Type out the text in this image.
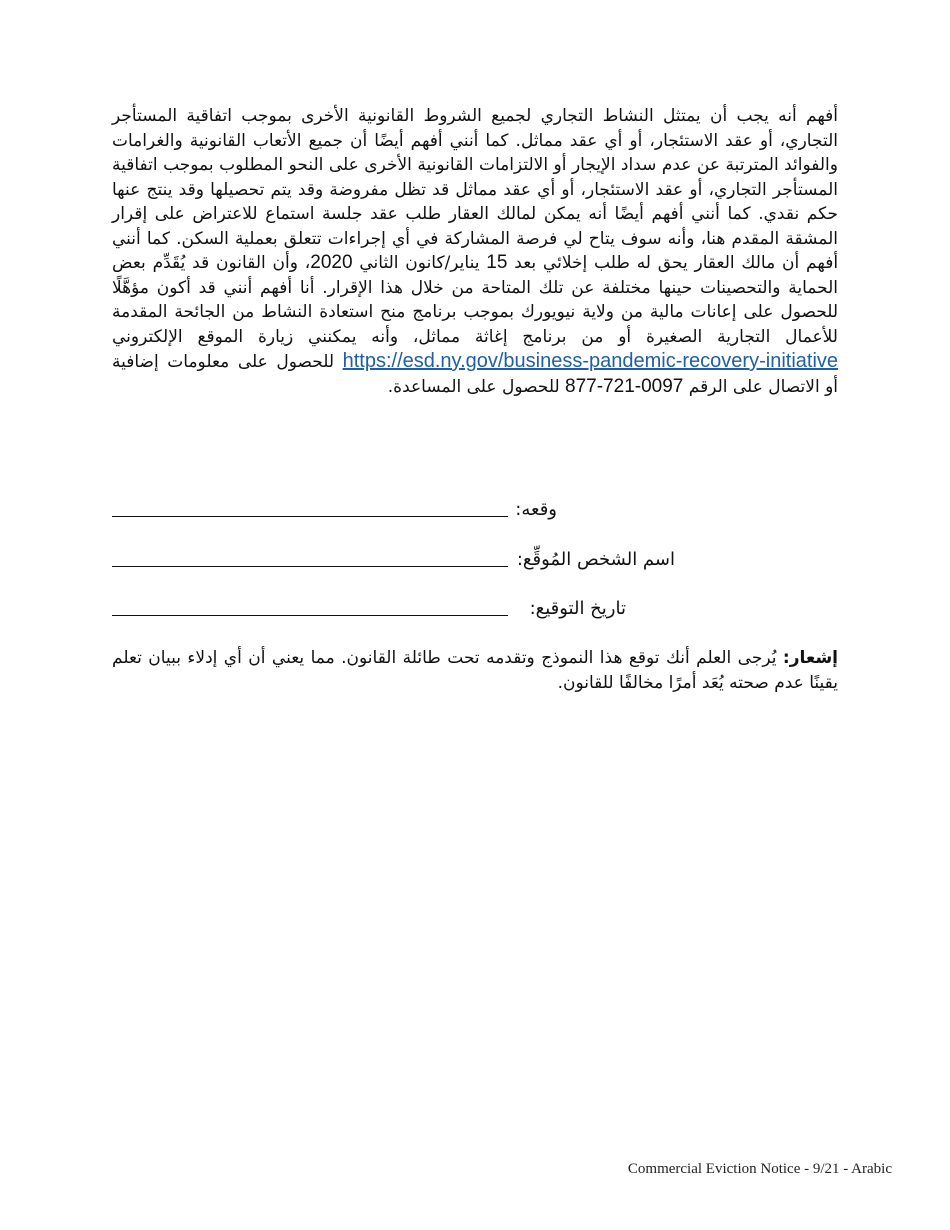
أفهم أنه يجب أن يمتثل النشاط التجاري لجميع الشروط القانونية الأخرى بموجب اتفاقية المستأجر التجاري، أو عقد الاستئجار، أو أي عقد مماثل. كما أنني أفهم أيضًا أن جميع الأتعاب القانونية والغرامات والفوائد المترتبة عن عدم سداد الإيجار أو الالتزامات القانونية الأخرى على النحو المطلوب بموجب اتفاقية المستأجر التجاري، أو عقد الاستئجار، أو أي عقد مماثل قد تظل مفروضة وقد يتم تحصيلها وقد ينتج عنها حكم نقدي. كما أنني أفهم أيضًا أنه يمكن لمالك العقار طلب عقد جلسة استماع للاعتراض على إقرار المشقة المقدم هنا، وأنه سوف يتاح لي فرصة المشاركة في أي إجراءات تتعلق بعملية السكن. كما أنني أفهم أن مالك العقار يحق له طلب إخلائي بعد 15 يناير/كانون الثاني 2020، وأن القانون قد يُقَدِّم بعض الحماية والتحصينات حينها مختلفة عن تلك المتاحة من خلال هذا الإقرار. أنا أفهم أنني قد أكون مؤهَّلًا للحصول على إعانات مالية من ولاية نيويورك بموجب برنامج منح استعادة النشاط من الجائحة المقدمة للأعمال التجارية الصغيرة أو من برنامج إغاثة مماثل، وأنه يمكنني زيارة الموقع الإلكتروني https://esd.ny.gov/business-pandemic-recovery-initiative للحصول على معلومات إضافية أو الاتصال على الرقم 877-721-0097 للحصول على المساعدة.
وقعه:
اسم الشخص المُوقِّع:
تاريخ التوقيع:
إشعار: يُرجى العلم أنك توقع هذا النموذج وتقدمه تحت طائلة القانون. مما يعني أن أي إدلاء ببيان تعلم يقينًا عدم صحته يُعَد أمرًا مخالفًا للقانون.
Commercial Eviction Notice - 9/21 - Arabic
